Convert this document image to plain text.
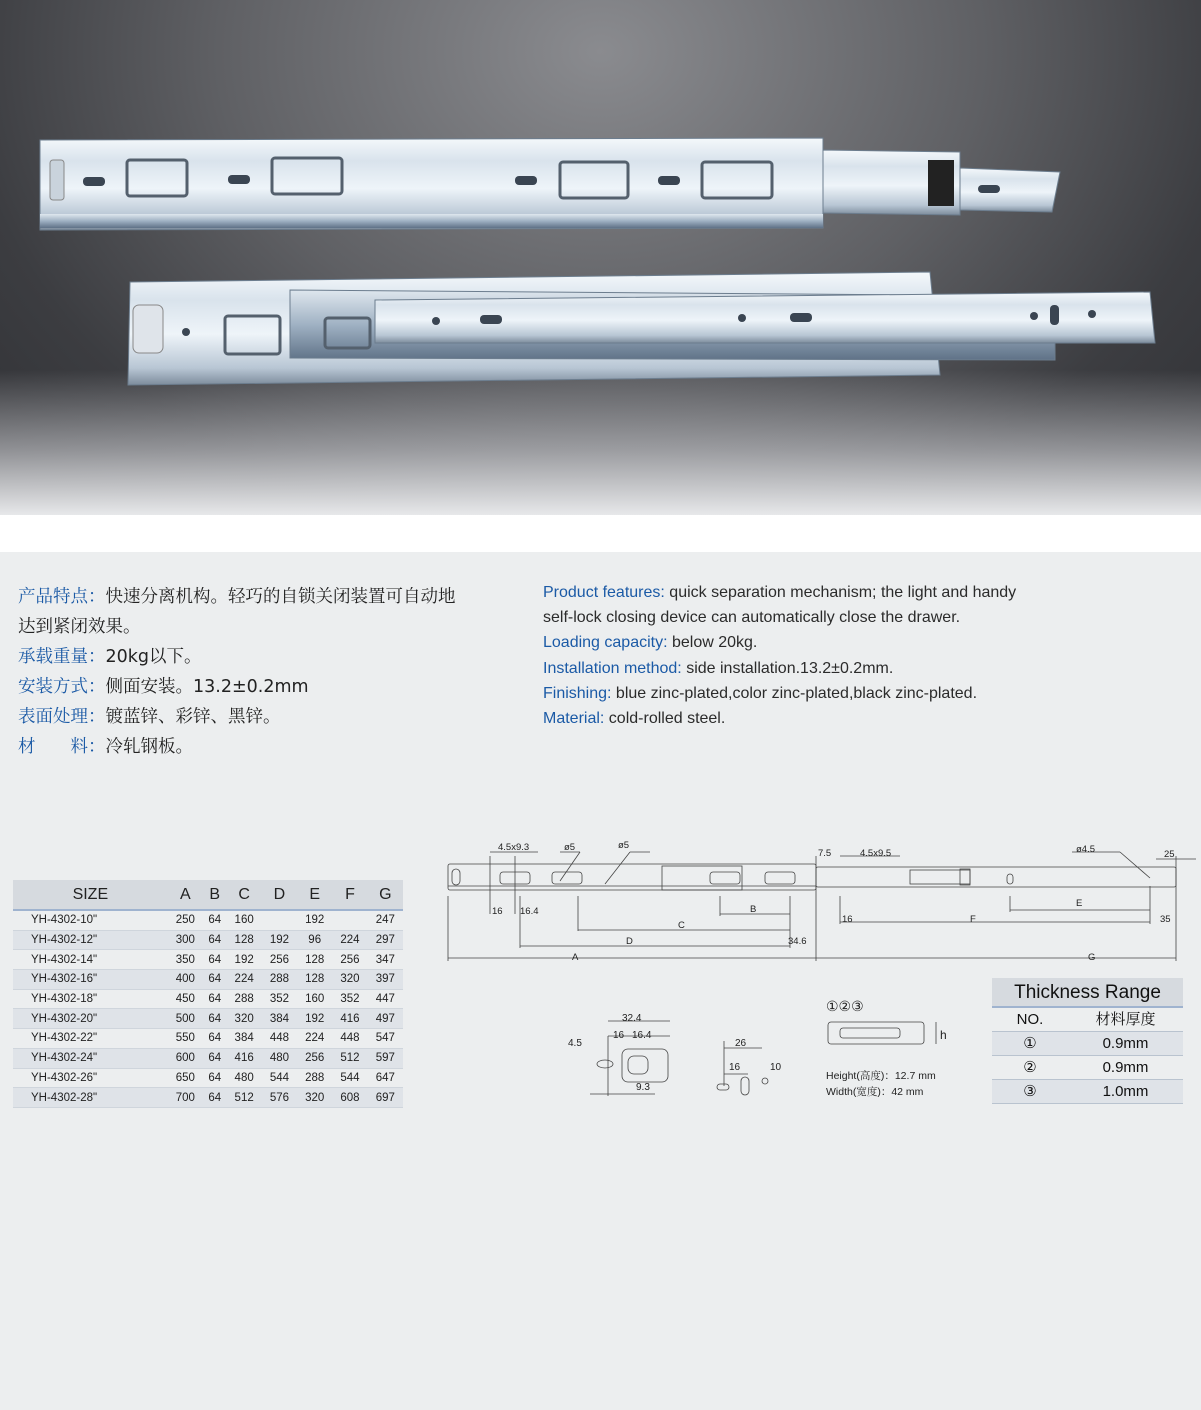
产品特点：快速分离机构。轻巧的自锁关闭装置可自动地
达到紧闭效果。
承载重量：20kg以下。
安装方式：侧面安装。13.2±0.2mm
表面处理：镀蓝锌、彩锌、黑锌。
材　　料：冷轧钢板。
Product features: quick separation mechanism; the light and handy
self-lock closing device can automatically close the drawer.
Loading capacity: below 20kg.
Installation method: side installation.13.2±0.2mm.
Finishing: blue zinc-plated,color zinc-plated,black zinc-plated.
Material: cold-rolled steel.
SIZE	A	B	C	D	E	F	G
YH-4302-10"	250	64	160		192		247
YH-4302-12"	300	64	128	192	96	224	297
YH-4302-14"	350	64	192	256	128	256	347
YH-4302-16"	400	64	224	288	128	320	397
YH-4302-18"	450	64	288	352	160	352	447
YH-4302-20"	500	64	320	384	192	416	497
YH-4302-22"	550	64	384	448	224	448	547
YH-4302-24"	600	64	416	480	256	512	597
YH-4302-26"	650	64	480	544	288	544	647
YH-4302-28"	700	64	512	576	320	608	697
4.5x9.3	ø5	ø5
7.5	4.5x9.5	ø4.5	25
16 16.4	B
C
D	34.6
A
16	F
E
35
G
32.4
16 16.4
4.5
9.3
26
16	10
①②③
h
Height(高度)：12.7 mm
Width(宽度)：42 mm
Thickness Range
NO.	材料厚度
①	0.9mm
②	0.9mm
③	1.0mm
